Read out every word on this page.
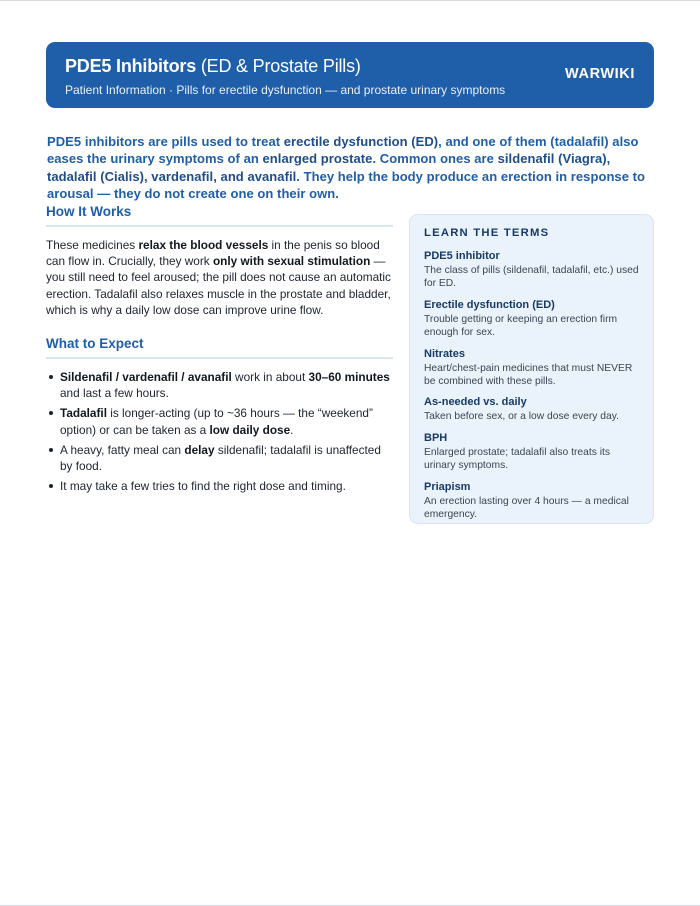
PDE5 Inhibitors (ED & Prostate Pills)
Patient Information · Pills for erectile dysfunction — and prostate urinary symptoms
WARWIKI

PDE5 inhibitors are pills used to treat erectile dysfunction (ED), and one of them (tadalafil) also eases the urinary symptoms of an enlarged prostate. Common ones are sildenafil (Viagra), tadalafil (Cialis), vardenafil, and avanafil. They help the body produce an erection in response to arousal — they do not create one on their own.

How It Works

These medicines relax the blood vessels in the penis so blood can flow in. Crucially, they work only with sexual stimulation — you still need to feel aroused; the pill does not cause an automatic erection. Tadalafil also relaxes muscle in the prostate and bladder, which is why a daily low dose can improve urine flow.

What to Expect
Sildenafil / vardenafil / avanafil work in about 30–60 minutes and last a few hours.
Tadalafil is longer-acting (up to ~36 hours — the “weekend” option) or can be taken as a low daily dose.
A heavy, fatty meal can delay sildenafil; tadalafil is unaffected by food.
It may take a few tries to find the right dose and timing.
LEARN THE TERMS
PDE5 inhibitor
The class of pills (sildenafil, tadalafil, etc.) used for ED.
Erectile dysfunction (ED)
Trouble getting or keeping an erection firm enough for sex.
Nitrates
Heart/chest-pain medicines that must NEVER be combined with these pills.
As-needed vs. daily
Taken before sex, or a low dose every day.
BPH
Enlarged prostate; tadalafil also treats its urinary symptoms.
Priapism
An erection lasting over 4 hours — a medical emergency.
